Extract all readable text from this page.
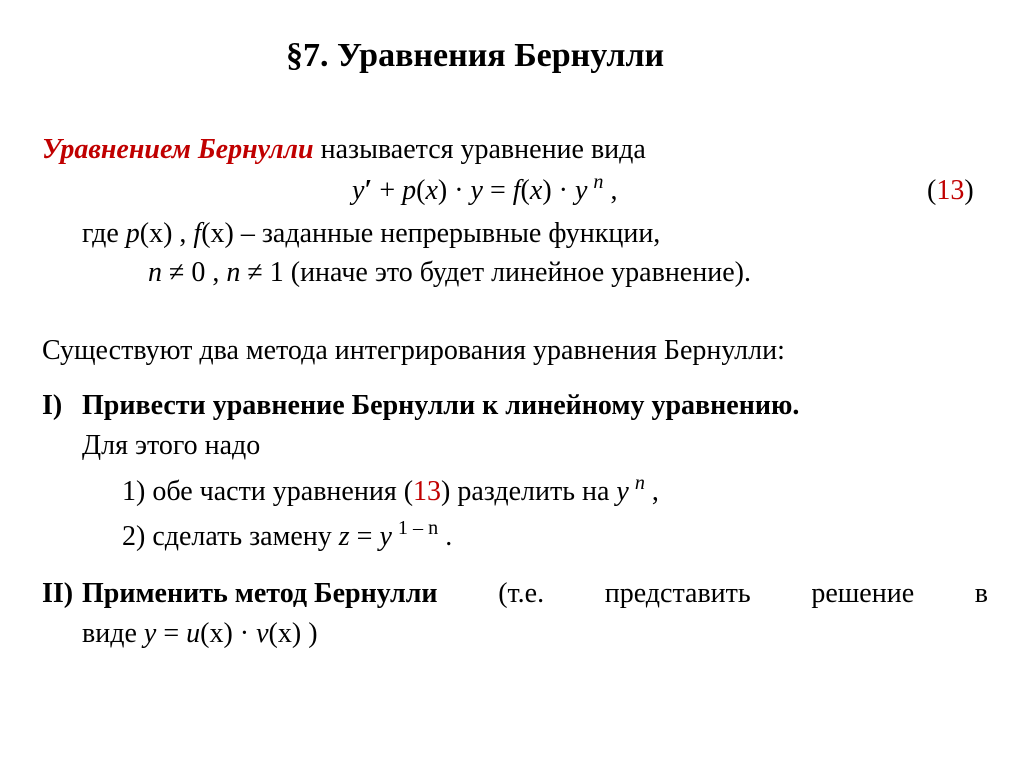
§7. Уравнения Бернулли
Уравнением Бернулли называется уравнение вида
y′ + p(x) · y = f(x) · y $^n$ ,	(13)
где p(x) , f(x) – заданные непрерывные функции,
n ≠ 0 , n ≠ 1 (иначе это будет линейное уравнение).
Существуют два метода интегрирования уравнения Бернулли:
I) Привести уравнение Бернулли к линейному уравнению.
Для этого надо
1) обе части уравнения (13) разделить на y $^n$ ,
2) сделать замену z = y $^{1 - n}$ .
II) Применить метод Бернулли (т.е. представить решение в
виде y = u(x) · v(x) )
